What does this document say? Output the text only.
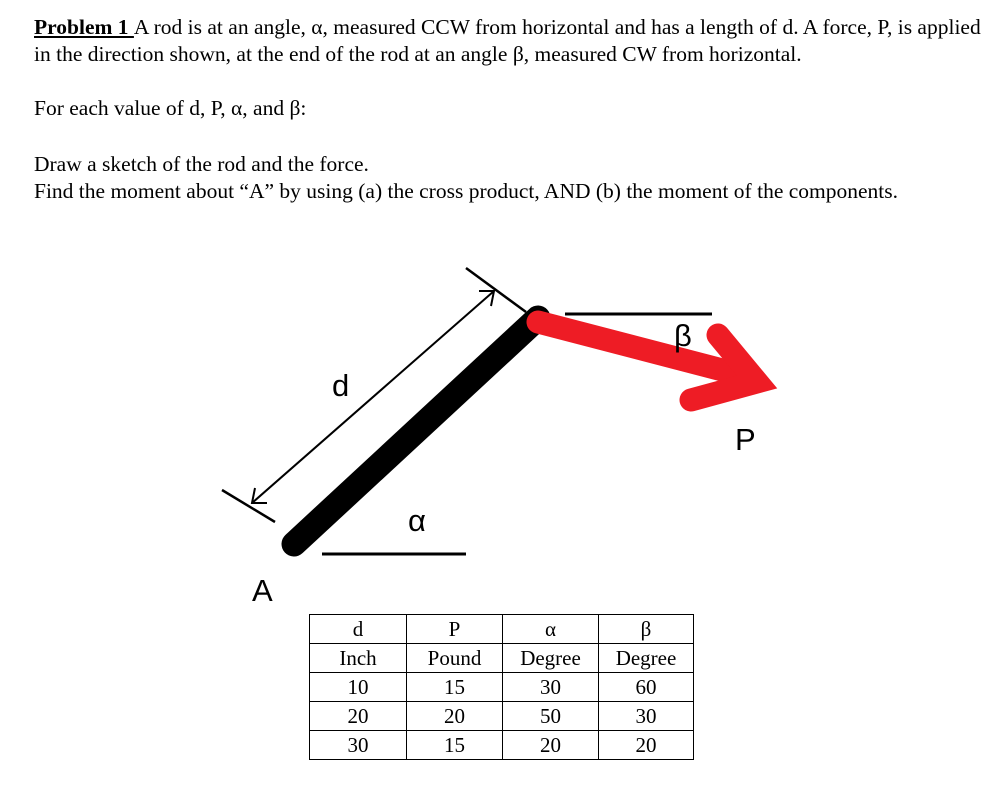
Problem 1 A rod is at an angle, α, measured CCW from horizontal and has a length of d. A force, P, is applied in the direction shown, at the end of the rod at an angle β, measured CW from horizontal.

For each value of d, P, α, and β:

Draw a sketch of the rod and the force.

Find the moment about “A” by using (a) the cross product, AND (b) the moment of the components.

d
α
β
P
A
d	P	α	β
Inch	Pound	Degree	Degree
10	15	30	60
20	20	50	30
30	15	20	20
